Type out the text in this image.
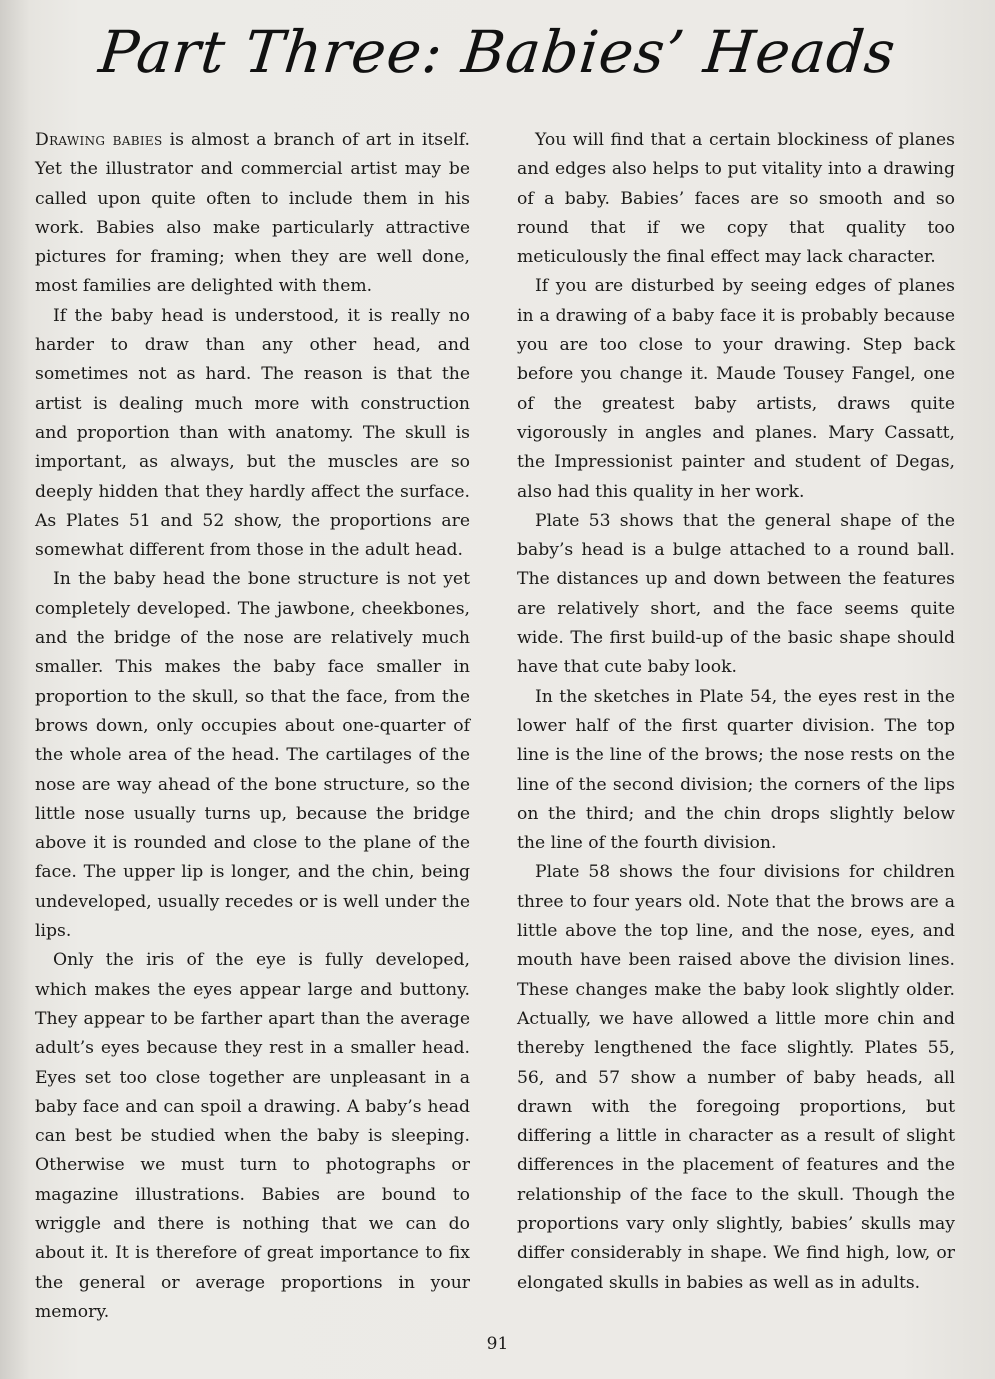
Part Three: Babies’ Heads

Drawing babies is almost a branch of art in itself. Yet the illustrator and commercial artist may be called upon quite often to include them in his work. Babies also make particularly attractive pictures for framing; when they are well done, most families are delighted with them.

If the baby head is understood, it is really no harder to draw than any other head, and sometimes not as hard. The reason is that the artist is dealing much more with construction and proportion than with anatomy. The skull is important, as always, but the muscles are so deeply hidden that they hardly affect the surface. As Plates 51 and 52 show, the proportions are somewhat different from those in the adult head.

In the baby head the bone structure is not yet completely developed. The jawbone, cheekbones, and the bridge of the nose are relatively much smaller. This makes the baby face smaller in proportion to the skull, so that the face, from the brows down, only occupies about one-quarter of the whole area of the head. The cartilages of the nose are way ahead of the bone structure, so the little nose usually turns up, because the bridge above it is rounded and close to the plane of the face. The upper lip is longer, and the chin, being undeveloped, usually recedes or is well under the lips.

Only the iris of the eye is fully developed, which makes the eyes appear large and buttony. They appear to be farther apart than the average adult’s eyes because they rest in a smaller head. Eyes set too close together are unpleasant in a baby face and can spoil a drawing. A baby’s head can best be studied when the baby is sleeping. Otherwise we must turn to photographs or magazine illustrations. Babies are bound to wriggle and there is nothing that we can do about it. It is therefore of great importance to fix the general or average proportions in your memory.

You will find that a certain blockiness of planes and edges also helps to put vitality into a drawing of a baby. Babies’ faces are so smooth and so round that if we copy that quality too meticulously the final effect may lack character.

If you are disturbed by seeing edges of planes in a drawing of a baby face it is probably because you are too close to your drawing. Step back before you change it. Maude Tousey Fangel, one of the greatest baby artists, draws quite vigorously in angles and planes. Mary Cassatt, the Impressionist painter and student of Degas, also had this quality in her work.

Plate 53 shows that the general shape of the baby’s head is a bulge attached to a round ball. The distances up and down between the features are relatively short, and the face seems quite wide. The first build-up of the basic shape should have that cute baby look.

In the sketches in Plate 54, the eyes rest in the lower half of the first quarter division. The top line is the line of the brows; the nose rests on the line of the second division; the corners of the lips on the third; and the chin drops slightly below the line of the fourth division.

Plate 58 shows the four divisions for children three to four years old. Note that the brows are a little above the top line, and the nose, eyes, and mouth have been raised above the division lines. These changes make the baby look slightly older. Actually, we have allowed a little more chin and thereby lengthened the face slightly. Plates 55, 56, and 57 show a number of baby heads, all drawn with the foregoing proportions, but differing a little in character as a result of slight differences in the placement of features and the relationship of the face to the skull. Though the proportions vary only slightly, babies’ skulls may differ considerably in shape. We find high, low, or elongated skulls in babies as well as in adults.

91
